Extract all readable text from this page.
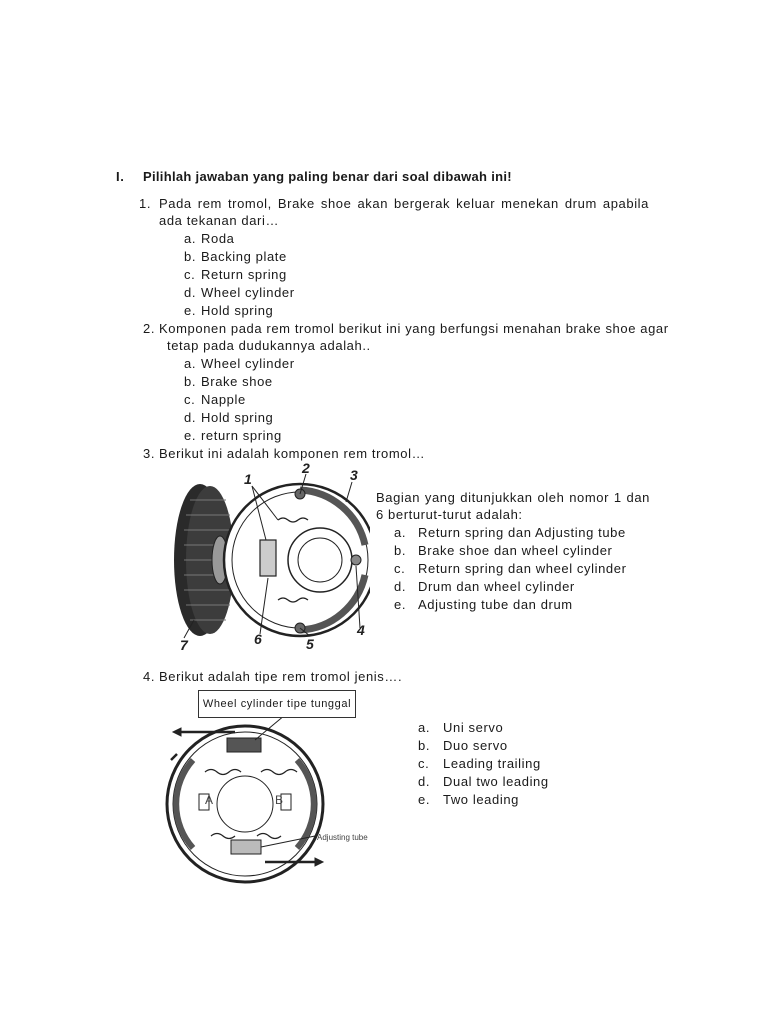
I. Pilihlah jawaban yang paling benar dari soal dibawah ini!
1. Pada rem tromol, Brake shoe akan bergerak keluar menekan drum apabila ada tekanan dari…
a. Roda
b. Backing plate
c. Return spring
d. Wheel cylinder
e. Hold spring
2. Komponen pada rem tromol berikut ini yang berfungsi menahan brake shoe agar
tetap pada dudukannya adalah..
a. Wheel cylinder
b. Brake shoe
c. Napple
d. Hold spring
e. return spring
3. Berikut ini adalah komponen rem tromol…
1
2	3
4
5
6
7
Bagian yang ditunjukkan oleh nomor 1 dan 6 berturut-turut adalah:
a. Return spring dan Adjusting tube
b. Brake shoe dan wheel cylinder
c. Return spring dan wheel cylinder
d. Drum dan wheel cylinder
e. Adjusting tube dan drum
4. Berikut adalah tipe rem tromol jenis….
A	B
Adjusting tube
Wheel cylinder tipe tunggal
a. Uni servo
b. Duo servo
c. Leading trailing
d. Dual two leading
e. Two leading
